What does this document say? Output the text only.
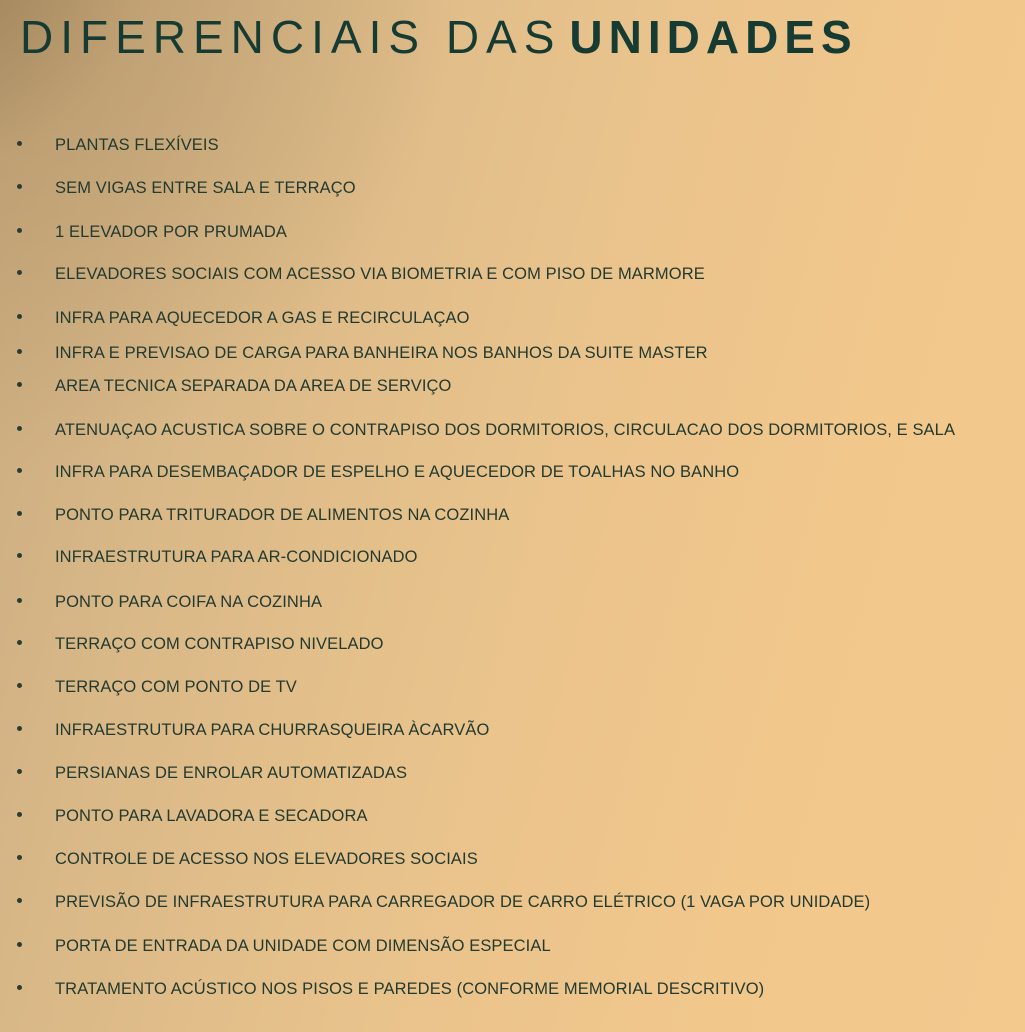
DIFERENCIAIS DAS UNIDADES
PLANTAS FLEXÍVEIS
SEM VIGAS ENTRE SALA E TERRAÇO
1 ELEVADOR POR PRUMADA
ELEVADORES SOCIAIS COM ACESSO VIA BIOMETRIA E COM PISO DE MARMORE
INFRA PARA AQUECEDOR A GAS E RECIRCULAÇAO
INFRA E PREVISAO DE CARGA PARA BANHEIRA NOS BANHOS DA SUITE MASTER
AREA TECNICA SEPARADA DA AREA DE SERVIÇO
ATENUAÇAO ACUSTICA SOBRE O CONTRAPISO DOS DORMITORIOS, CIRCULACAO DOS DORMITORIOS, E SALA
INFRA PARA DESEMBAÇADOR DE ESPELHO E AQUECEDOR DE TOALHAS NO BANHO
PONTO PARA TRITURADOR DE ALIMENTOS NA COZINHA
INFRAESTRUTURA PARA AR-CONDICIONADO
PONTO PARA COIFA NA COZINHA
TERRAÇO COM CONTRAPISO NIVELADO
TERRAÇO COM PONTO DE TV
INFRAESTRUTURA PARA CHURRASQUEIRA ÀCARVÃO
PERSIANAS DE ENROLAR AUTOMATIZADAS
PONTO PARA LAVADORA E SECADORA
CONTROLE DE ACESSO NOS ELEVADORES SOCIAIS
PREVISÃO DE INFRAESTRUTURA PARA CARREGADOR DE CARRO ELÉTRICO (1 VAGA POR UNIDADE)
PORTA DE ENTRADA DA UNIDADE COM DIMENSÃO ESPECIAL
TRATAMENTO ACÚSTICO NOS PISOS E PAREDES (CONFORME MEMORIAL DESCRITIVO)
